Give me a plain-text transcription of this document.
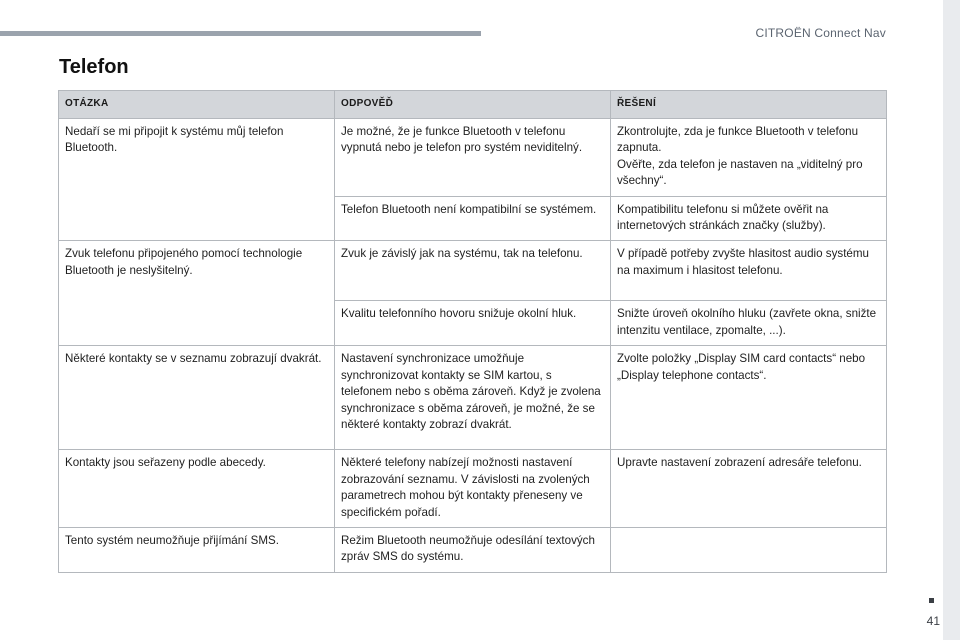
CITROËN Connect Nav
Telefon
OTÁZKA	ODPOVĚĎ	ŘEŠENÍ
Nedaří se mi připojit k systému můj telefon Bluetooth.	Je možné, že je funkce Bluetooth v telefonu vypnutá nebo je telefon pro systém neviditelný.	Zkontrolujte, zda je funkce Bluetooth v telefonu zapnuta.
Ověřte, zda telefon je nastaven na „viditelný pro všechny“.
	Telefon Bluetooth není kompatibilní se systémem.	Kompatibilitu telefonu si můžete ověřit na internetových stránkách značky (služby).
Zvuk telefonu připojeného pomocí technologie Bluetooth je neslyšitelný.	Zvuk je závislý jak na systému, tak na telefonu.	V případě potřeby zvyšte hlasitost audio systému na maximum i hlasitost telefonu.
	Kvalitu telefonního hovoru snižuje okolní hluk.	Snižte úroveň okolního hluku (zavřete okna, snižte intenzitu ventilace, zpomalte, ...).
Některé kontakty se v seznamu zobrazují dvakrát.	Nastavení synchronizace umožňuje synchronizovat kontakty se SIM kartou, s telefonem nebo s oběma zároveň. Když je zvolena synchronizace s oběma zároveň, je možné, že se některé kontakty zobrazí dvakrát.	Zvolte položky „Display SIM card contacts“ nebo „Display telephone contacts“.
Kontakty jsou seřazeny podle abecedy.	Některé telefony nabízejí možnosti nastavení zobrazování seznamu. V závislosti na zvolených parametrech mohou být kontakty přeneseny ve specifickém pořadí.	Upravte nastavení zobrazení adresáře telefonu.
Tento systém neumožňuje přijímání SMS.	Režim Bluetooth neumožňuje odesílání textových zpráv SMS do systému.	
41
